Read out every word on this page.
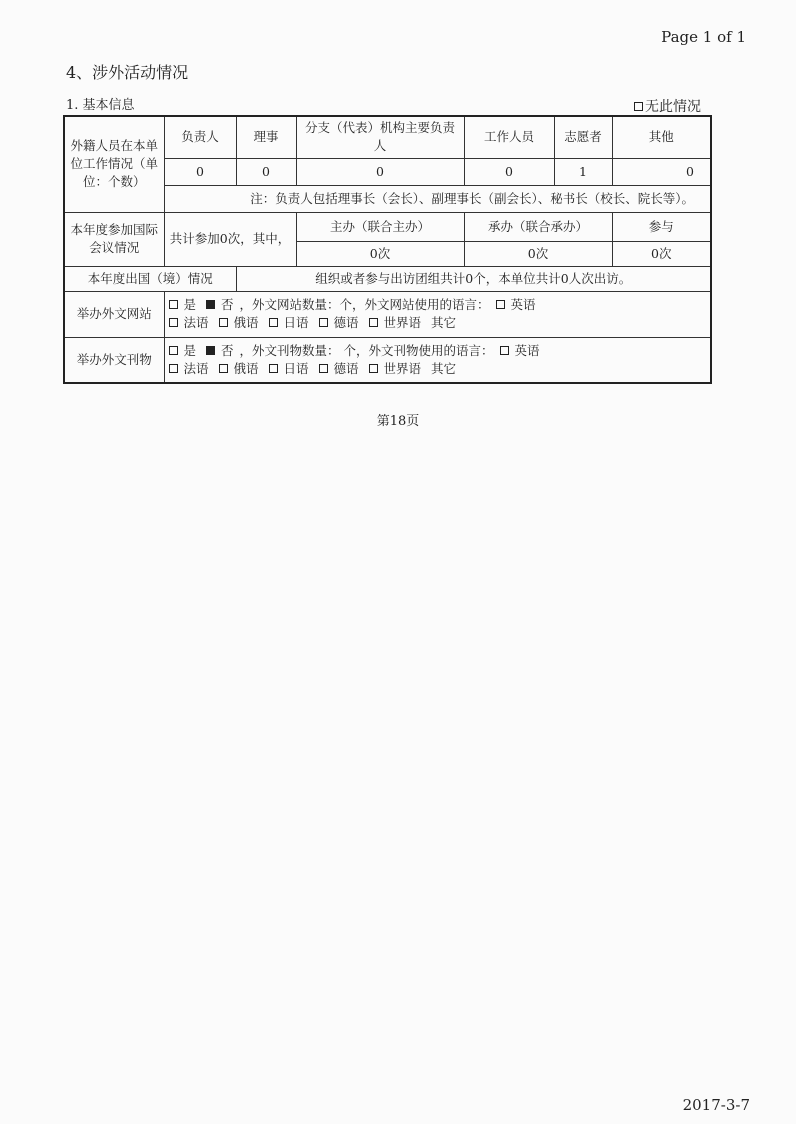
Page 1 of 1
4、涉外活动情况
1. 基本信息	无此情况
外籍人员在本单位工作情况（单位：个数）	负责人	理事	分支（代表）机构主要负责人	工作人员	志愿者	其他
	0	0	0	0	1	0
	注：负责人包括理事长（会长）、副理事长（副会长）、秘书长（校长、院长等）。					
本年度参加国际会议情况	共计参加0次，其中，		主办（联合主办）	承办（联合承办）		参与
			0次	0次		0次
本年度出国（境）情况		组织或者参与出访团组共计0个，本单位共计0人次出访。				
举办外文网站	是 否 ，外文网站数量：个，外文网站使用的语言： 英语
法语 俄语 日语 德语 世界语 其它					

举办外文刊物	是 否 ，外文刊物数量： 个，外文刊物使用的语言： 英语
法语 俄语 日语 德语 世界语 其它					
第18页
2017-3-7
